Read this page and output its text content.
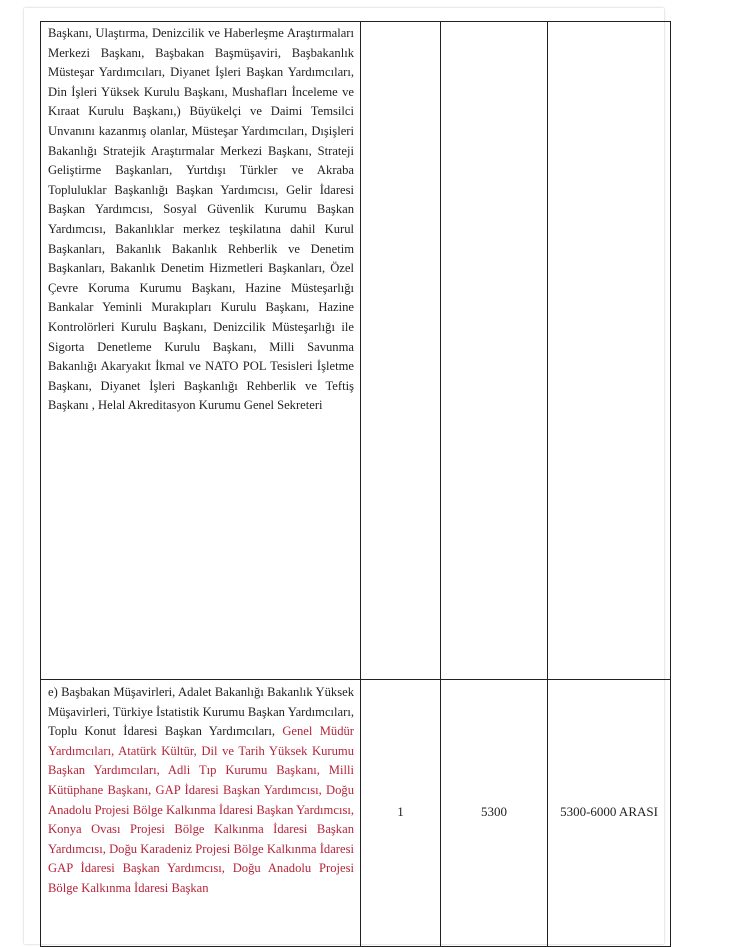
Başkanı, Ulaştırma, Denizcilik ve Haberleşme Araştırmaları Merkezi Başkanı, Başbakan Başmüşaviri, Başbakanlık Müsteşar Yardımcıları, Diyanet İşleri Başkan Yardımcıları, Din İşleri Yüksek Kurulu Başkanı, Mushafları İnceleme ve Kıraat Kurulu Başkanı,) Büyükelçi ve Daimi Temsilci Unvanını kazanmış olanlar, Müsteşar Yardımcıları, Dışişleri Bakanlığı Stratejik Araştırmalar Merkezi Başkanı, Strateji Geliştirme Başkanları, Yurtdışı Türkler ve Akraba Topluluklar Başkanlığı Başkan Yardımcısı, Gelir İdaresi Başkan Yardımcısı, Sosyal Güvenlik Kurumu Başkan Yardımcısı, Bakanlıklar merkez teşkilatına dahil Kurul Başkanları, Bakanlık Bakanlık Rehberlik ve Denetim Başkanları, Bakanlık Denetim Hizmetleri Başkanları, Özel Çevre Koruma Kurumu Başkanı, Hazine Müsteşarlığı Bankalar Yeminli Murakıpları Kurulu Başkanı, Hazine Kontrolörleri Kurulu Başkanı, Denizcilik Müsteşarlığı ile Sigorta Denetleme Kurulu Başkanı, Milli Savunma Bakanlığı Akaryakıt İkmal ve NATO POL Tesisleri İşletme Başkanı, Diyanet İşleri Başkanlığı Rehberlik ve Teftiş Başkanı , Helal Akreditasyon Kurumu Genel Sekreteri			

e) Başbakan Müşavirleri, Adalet Bakanlığı Bakanlık Yüksek Müşavirleri, Türkiye İstatistik Kurumu Başkan Yardımcıları, Toplu Konut İdaresi Başkan Yardımcıları, Genel Müdür Yardımcıları, Atatürk Kültür, Dil ve Tarih Yüksek Kurumu Başkan Yardımcıları, Adli Tıp Kurumu Başkanı, Milli Kütüphane Başkanı, GAP İdaresi Başkan Yardımcısı, Doğu Anadolu Projesi Bölge Kalkınma İdaresi Başkan Yardımcısı, Konya Ovası Projesi Bölge Kalkınma İdaresi Başkan Yardımcısı, Doğu Karadeniz Projesi Bölge Kalkınma İdaresi GAP İdaresi Başkan Yardımcısı, Doğu Anadolu Projesi Bölge Kalkınma İdaresi Başkan	1	5300	5300-6000 ARASI
